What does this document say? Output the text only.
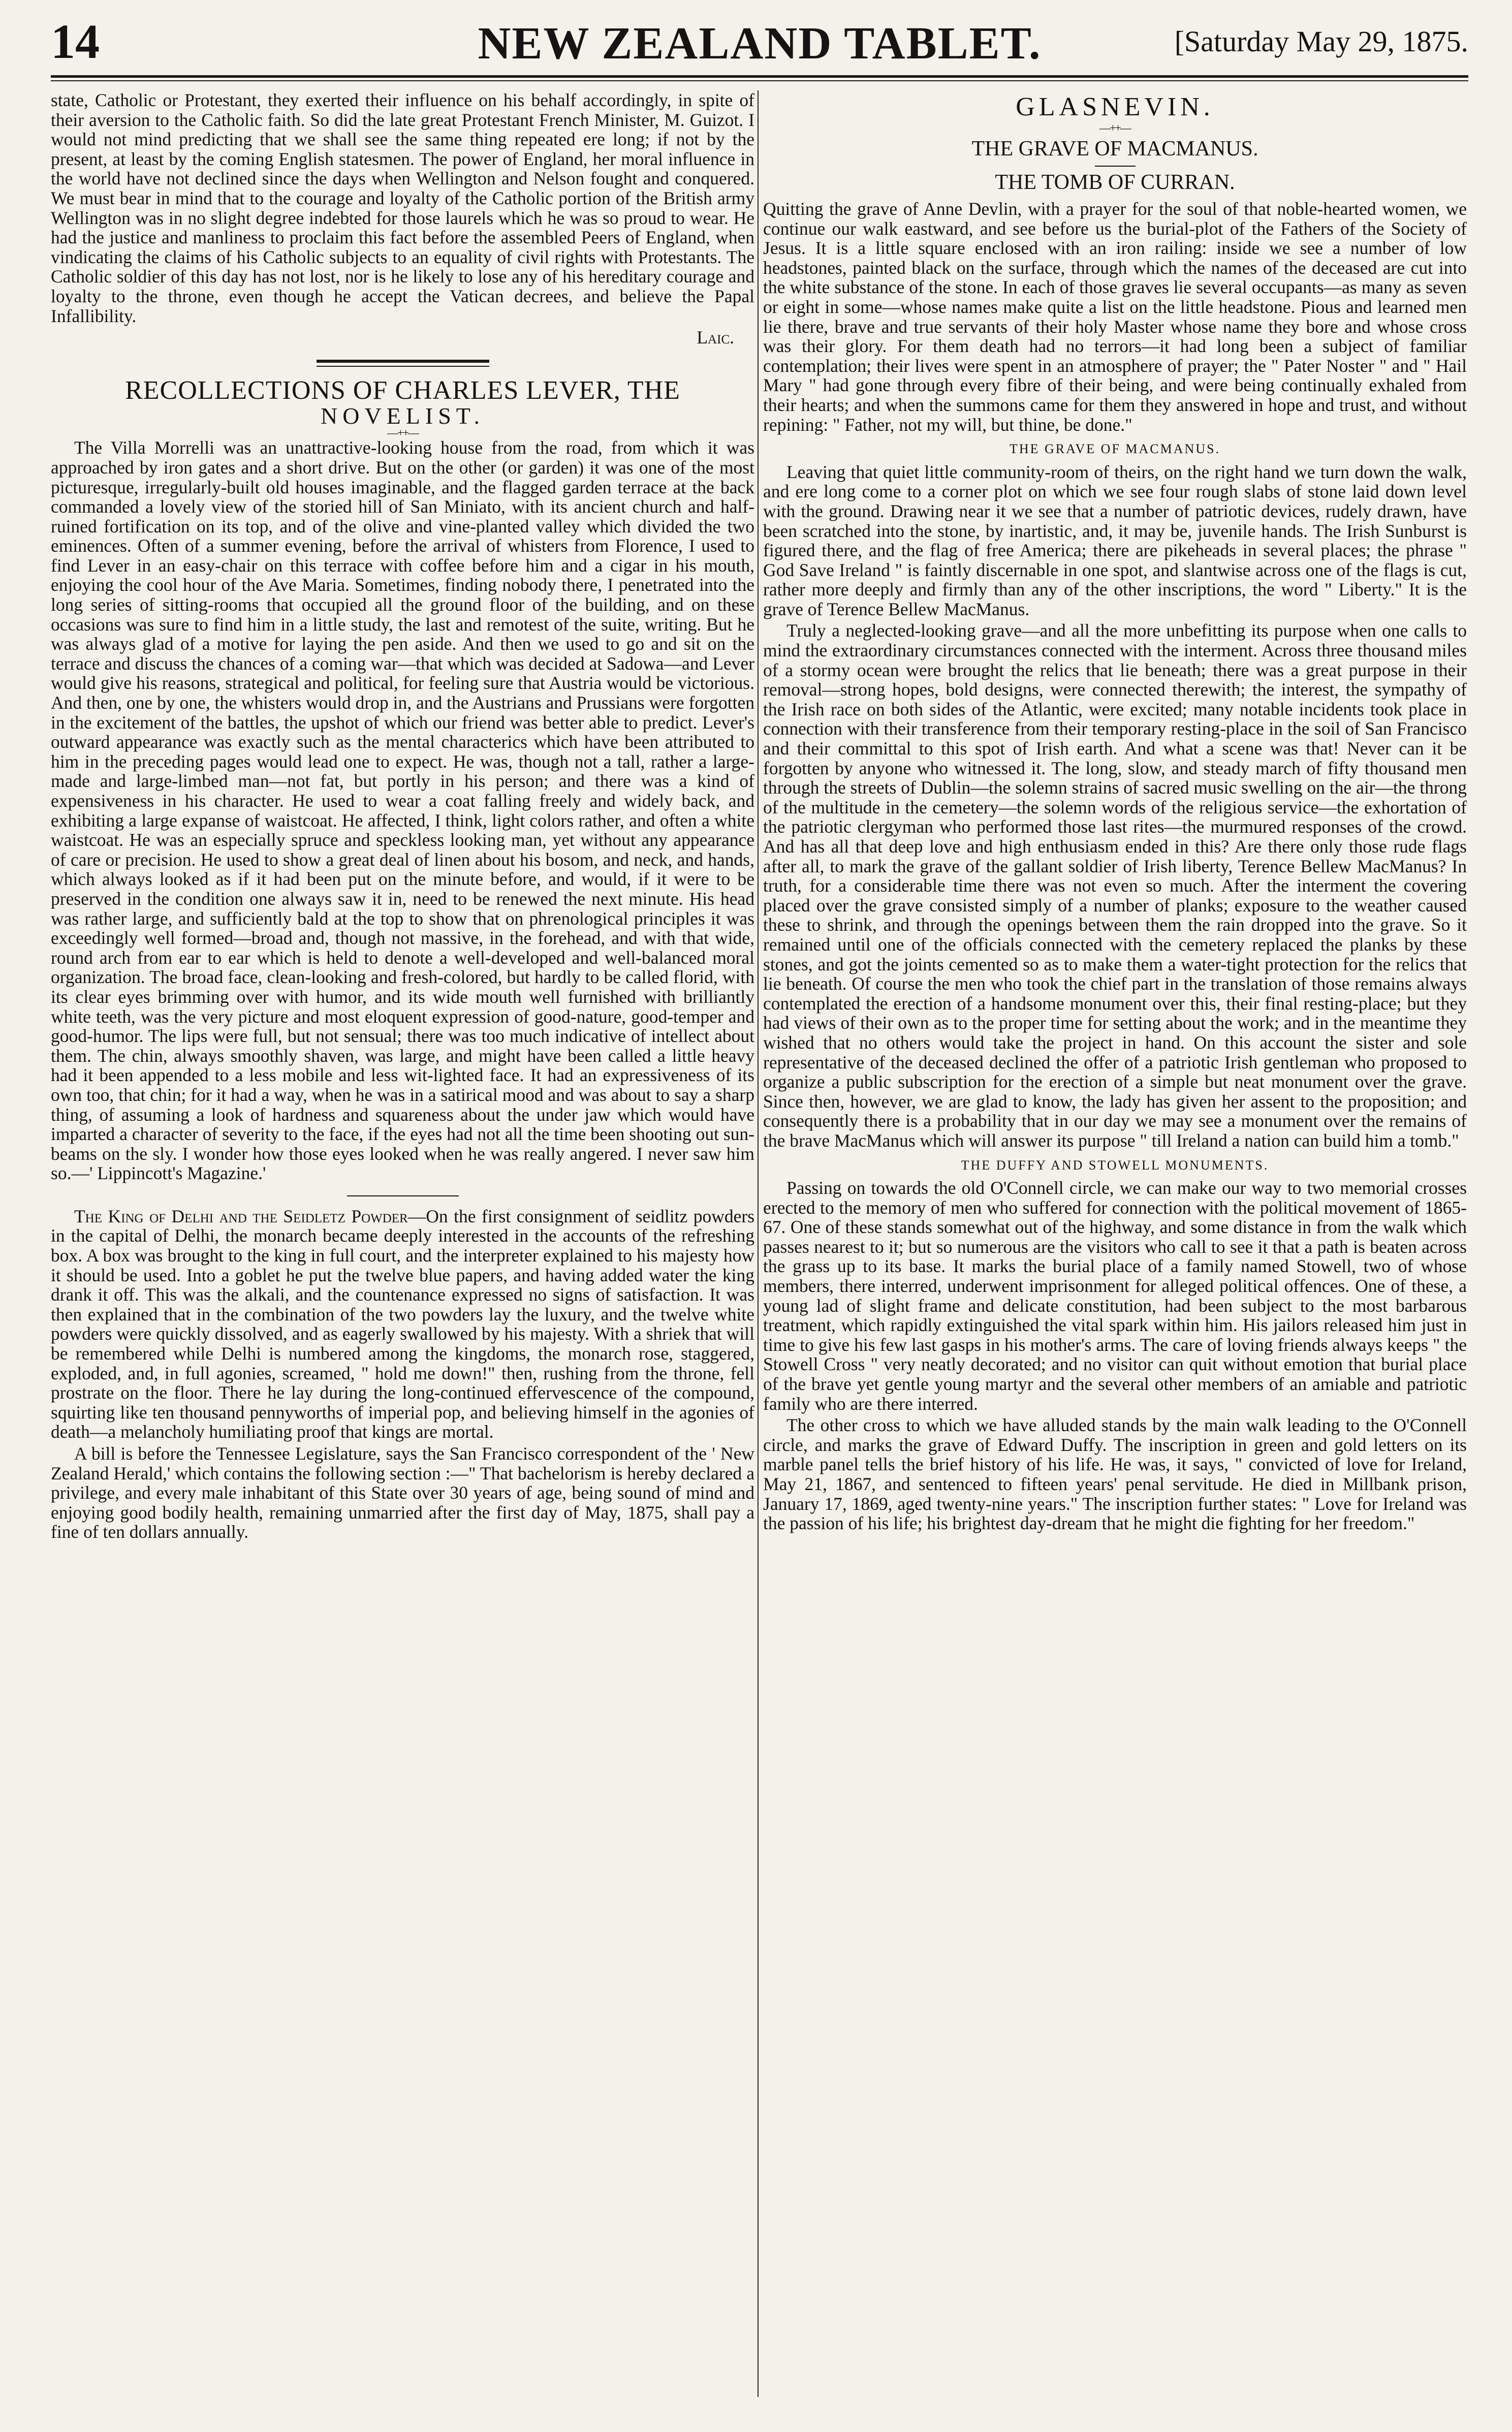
14	NEW ZEALAND TABLET.	[Saturday May 29, 1875.

state, Catholic or Protestant, they exerted their influence on his behalf accordingly, in spite of their aversion to the Catholic faith. So did the late great Protestant French Minister, M. Guizot. I would not mind predicting that we shall see the same thing repeated ere long; if not by the present, at least by the coming English statesmen. The power of England, her moral influence in the world have not declined since the days when Wellington and Nelson fought and conquered. We must bear in mind that to the courage and loyalty of the Catholic portion of the British army Wellington was in no slight degree indebted for those laurels which he was so proud to wear. He had the justice and manliness to proclaim this fact before the assembled Peers of England, when vindicating the claims of his Catholic subjects to an equality of civil rights with Protestants. The Catholic soldier of this day has not lost, nor is he likely to lose any of his hereditary courage and loyalty to the throne, even though he accept the Vatican decrees, and believe the Papal Infallibility.

Laic.
RECOLLECTIONS OF CHARLES LEVER, THE
NOVELIST.
—++—

The Villa Morrelli was an unattractive-looking house from the road, from which it was approached by iron gates and a short drive. But on the other (or garden) it was one of the most picturesque, irregularly-built old houses imaginable, and the flagged garden terrace at the back commanded a lovely view of the storied hill of San Miniato, with its ancient church and half-ruined fortification on its top, and of the olive and vine-planted valley which divided the two eminences. Often of a summer evening, before the arrival of whisters from Florence, I used to find Lever in an easy-chair on this terrace with coffee before him and a cigar in his mouth, enjoying the cool hour of the Ave Maria. Sometimes, finding nobody there, I penetrated into the long series of sitting-rooms that occupied all the ground floor of the building, and on these occasions was sure to find him in a little study, the last and remotest of the suite, writing. But he was always glad of a motive for laying the pen aside. And then we used to go and sit on the terrace and discuss the chances of a coming war—that which was decided at Sadowa—and Lever would give his reasons, strategical and political, for feeling sure that Austria would be victorious. And then, one by one, the whisters would drop in, and the Austrians and Prussians were forgotten in the excitement of the battles, the upshot of which our friend was better able to predict. Lever's outward appearance was exactly such as the mental characterics which have been attributed to him in the preceding pages would lead one to expect. He was, though not a tall, rather a large-made and large-limbed man—not fat, but portly in his person; and there was a kind of expensiveness in his character. He used to wear a coat falling freely and widely back, and exhibiting a large expanse of waistcoat. He affected, I think, light colors rather, and often a white waistcoat. He was an especially spruce and speckless looking man, yet without any appearance of care or precision. He used to show a great deal of linen about his bosom, and neck, and hands, which always looked as if it had been put on the minute before, and would, if it were to be preserved in the condition one always saw it in, need to be renewed the next minute. His head was rather large, and sufficiently bald at the top to show that on phrenological principles it was exceedingly well formed—broad and, though not massive, in the forehead, and with that wide, round arch from ear to ear which is held to denote a well-developed and well-balanced moral organization. The broad face, clean-looking and fresh-colored, but hardly to be called florid, with its clear eyes brimming over with humor, and its wide mouth well furnished with brilliantly white teeth, was the very picture and most eloquent expression of good-nature, good-temper and good-humor. The lips were full, but not sensual; there was too much indicative of intellect about them. The chin, always smoothly shaven, was large, and might have been called a little heavy had it been appended to a less mobile and less wit-lighted face. It had an expressiveness of its own too, that chin; for it had a way, when he was in a satirical mood and was about to say a sharp thing, of assuming a look of hardness and squareness about the under jaw which would have imparted a character of severity to the face, if the eyes had not all the time been shooting out sun-beams on the sly. I wonder how those eyes looked when he was really angered. I never saw him so.—' Lippincott's Magazine.'

The King of Delhi and the Seidletz Powder—On the first consignment of seidlitz powders in the capital of Delhi, the monarch became deeply interested in the accounts of the refreshing box. A box was brought to the king in full court, and the interpreter explained to his majesty how it should be used. Into a goblet he put the twelve blue papers, and having added water the king drank it off. This was the alkali, and the countenance expressed no signs of satisfaction. It was then explained that in the combination of the two powders lay the luxury, and the twelve white powders were quickly dissolved, and as eagerly swallowed by his majesty. With a shriek that will be remembered while Delhi is numbered among the kingdoms, the monarch rose, staggered, exploded, and, in full agonies, screamed, " hold me down!" then, rushing from the throne, fell prostrate on the floor. There he lay during the long-continued effervescence of the compound, squirting like ten thousand pennyworths of imperial pop, and believing himself in the agonies of death—a melancholy humiliating proof that kings are mortal.

A bill is before the Tennessee Legislature, says the San Francisco correspondent of the ' New Zealand Herald,' which contains the following section :—" That bachelorism is hereby declared a privilege, and every male inhabitant of this State over 30 years of age, being sound of mind and enjoying good bodily health, remaining unmarried after the first day of May, 1875, shall pay a fine of ten dollars annually.

GLASNEVIN.
—++—
THE GRAVE OF MACMANUS.
THE TOMB OF CURRAN.

Quitting the grave of Anne Devlin, with a prayer for the soul of that noble-hearted women, we continue our walk eastward, and see before us the burial-plot of the Fathers of the Society of Jesus. It is a little square enclosed with an iron railing: inside we see a number of low headstones, painted black on the surface, through which the names of the deceased are cut into the white substance of the stone. In each of those graves lie several occupants—as many as seven or eight in some—whose names make quite a list on the little headstone. Pious and learned men lie there, brave and true servants of their holy Master whose name they bore and whose cross was their glory. For them death had no terrors—it had long been a subject of familiar contemplation; their lives were spent in an atmosphere of prayer; the " Pater Noster " and " Hail Mary " had gone through every fibre of their being, and were being continually exhaled from their hearts; and when the summons came for them they answered in hope and trust, and without repining: " Father, not my will, but thine, be done."

THE GRAVE OF MACMANUS.

Leaving that quiet little community-room of theirs, on the right hand we turn down the walk, and ere long come to a corner plot on which we see four rough slabs of stone laid down level with the ground. Drawing near it we see that a number of patriotic devices, rudely drawn, have been scratched into the stone, by inartistic, and, it may be, juvenile hands. The Irish Sunburst is figured there, and the flag of free America; there are pikeheads in several places; the phrase " God Save Ireland " is faintly discernable in one spot, and slantwise across one of the flags is cut, rather more deeply and firmly than any of the other inscriptions, the word " Liberty." It is the grave of Terence Bellew MacManus.

Truly a neglected-looking grave—and all the more unbefitting its purpose when one calls to mind the extraordinary circumstances connected with the interment. Across three thousand miles of a stormy ocean were brought the relics that lie beneath; there was a great purpose in their removal—strong hopes, bold designs, were connected therewith; the interest, the sympathy of the Irish race on both sides of the Atlantic, were excited; many notable incidents took place in connection with their transference from their temporary resting-place in the soil of San Francisco and their committal to this spot of Irish earth. And what a scene was that! Never can it be forgotten by anyone who witnessed it. The long, slow, and steady march of fifty thousand men through the streets of Dublin—the solemn strains of sacred music swelling on the air—the throng of the multitude in the cemetery—the solemn words of the religious service—the exhortation of the patriotic clergyman who performed those last rites—the murmured responses of the crowd. And has all that deep love and high enthusiasm ended in this? Are there only those rude flags after all, to mark the grave of the gallant soldier of Irish liberty, Terence Bellew MacManus? In truth, for a considerable time there was not even so much. After the interment the covering placed over the grave consisted simply of a number of planks; exposure to the weather caused these to shrink, and through the openings between them the rain dropped into the grave. So it remained until one of the officials connected with the cemetery replaced the planks by these stones, and got the joints cemented so as to make them a water-tight protection for the relics that lie beneath. Of course the men who took the chief part in the translation of those remains always contemplated the erection of a handsome monument over this, their final resting-place; but they had views of their own as to the proper time for setting about the work; and in the meantime they wished that no others would take the project in hand. On this account the sister and sole representative of the deceased declined the offer of a patriotic Irish gentleman who proposed to organize a public subscription for the erection of a simple but neat monument over the grave. Since then, however, we are glad to know, the lady has given her assent to the proposition; and consequently there is a probability that in our day we may see a monument over the remains of the brave MacManus which will answer its purpose " till Ireland a nation can build him a tomb."

THE DUFFY AND STOWELL MONUMENTS.

Passing on towards the old O'Connell circle, we can make our way to two memorial crosses erected to the memory of men who suffered for connection with the political movement of 1865-67. One of these stands somewhat out of the highway, and some distance in from the walk which passes nearest to it; but so numerous are the visitors who call to see it that a path is beaten across the grass up to its base. It marks the burial place of a family named Stowell, two of whose members, there interred, underwent imprisonment for alleged political offences. One of these, a young lad of slight frame and delicate constitution, had been subject to the most barbarous treatment, which rapidly extinguished the vital spark within him. His jailors released him just in time to give his few last gasps in his mother's arms. The care of loving friends always keeps " the Stowell Cross " very neatly decorated; and no visitor can quit without emotion that burial place of the brave yet gentle young martyr and the several other members of an amiable and patriotic family who are there interred.

The other cross to which we have alluded stands by the main walk leading to the O'Connell circle, and marks the grave of Edward Duffy. The inscription in green and gold letters on its marble panel tells the brief history of his life. He was, it says, " convicted of love for Ireland, May 21, 1867, and sentenced to fifteen years' penal servitude. He died in Millbank prison, January 17, 1869, aged twenty-nine years." The inscription further states: " Love for Ireland was the passion of his life; his brightest day-dream that he might die fighting for her freedom."
